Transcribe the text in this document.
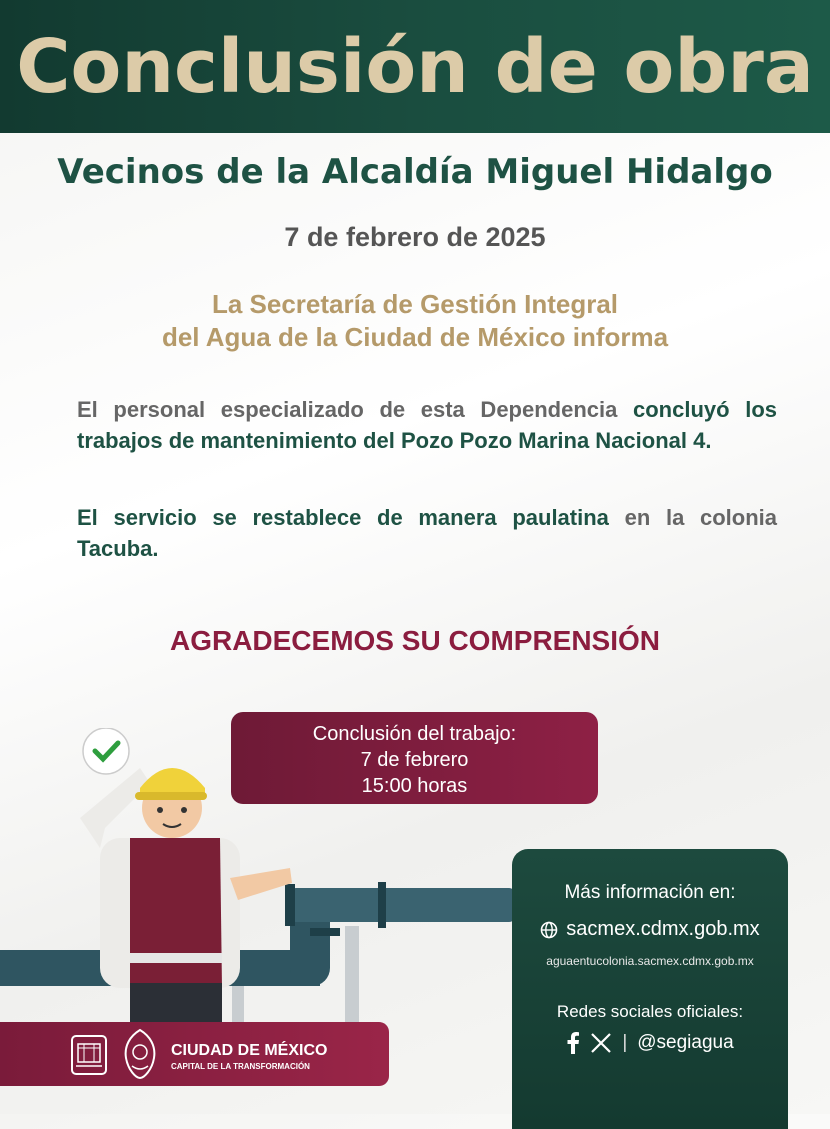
Conclusión de obra
Vecinos de la Alcaldía Miguel Hidalgo
7 de febrero de 2025
La Secretaría de Gestión Integral
del Agua de la Ciudad de México informa
El personal especializado de esta Dependencia concluyó los trabajos de mantenimiento del Pozo Pozo Marina Nacional 4.
El servicio se restablece de manera paulatina en la colonia Tacuba.
AGRADECEMOS SU COMPRENSIÓN
Conclusión del trabajo:
7 de febrero
15:00 horas
Más información en:
sacmex.cdmx.gob.mx
aguaentucolonia.sacmex.cdmx.gob.mx
Redes sociales oficiales:
| @segiagua
CIUDAD DE MÉXICO
CAPITAL DE LA TRANSFORMACIÓN
